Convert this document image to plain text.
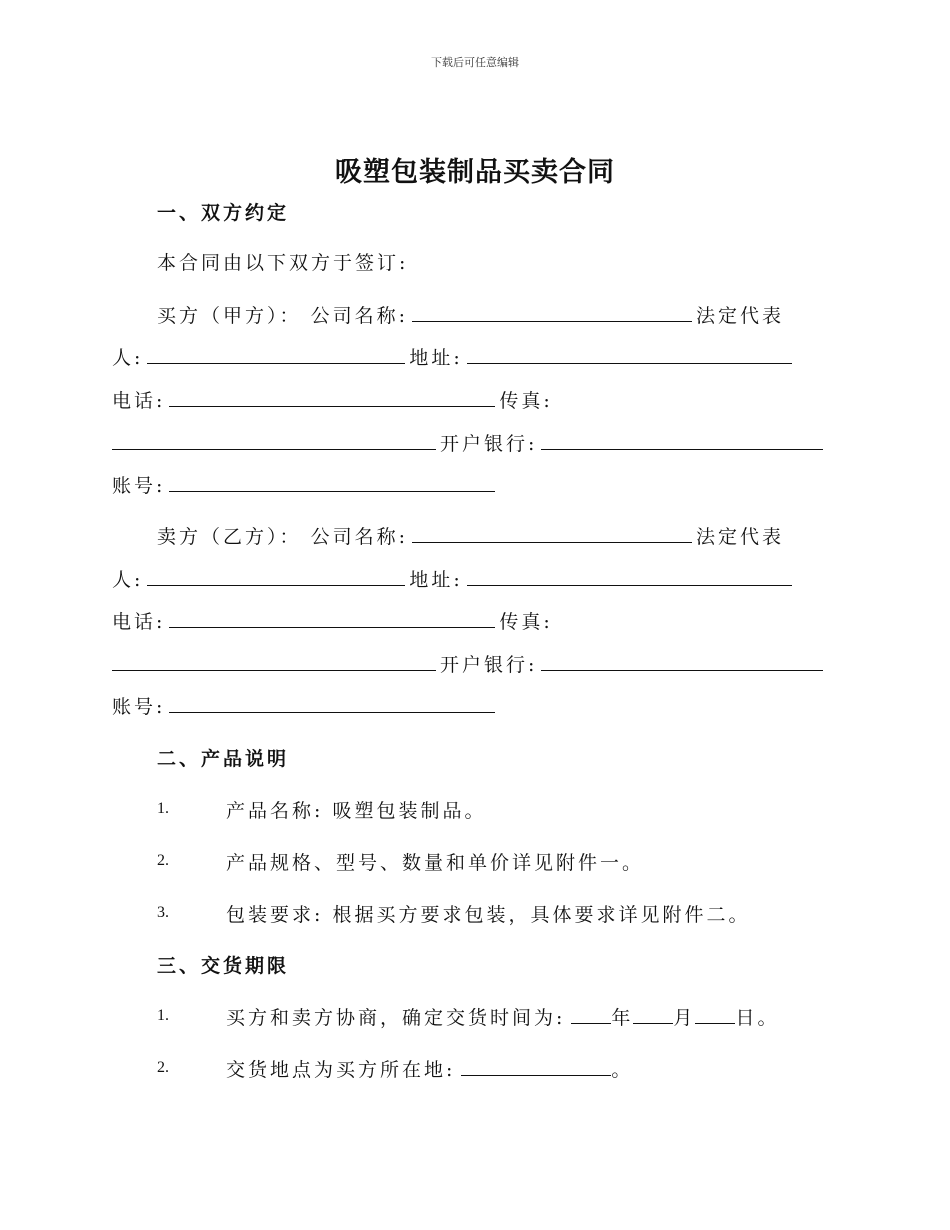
下载后可任意编辑
吸塑包装制品买卖合同
一、双方约定
本合同由以下双方于签订:
买方（甲方）： 公司名称:	法定代表
人:	地址:
电话:	传真:
开户银行:
账号:
卖方（乙方）： 公司名称:	法定代表
人:	地址:
电话:	传真:
开户银行:
账号:
二、产品说明
1.	产品名称: 吸塑包装制品。
2.	产品规格、型号、数量和单价详见附件一。
3.	包装要求: 根据买方要求包装，具体要求详见附件二。
三、交货期限
1.	买方和卖方协商，确定交货时间为: 年 月 日。
2.	交货地点为买方所在地:	。
